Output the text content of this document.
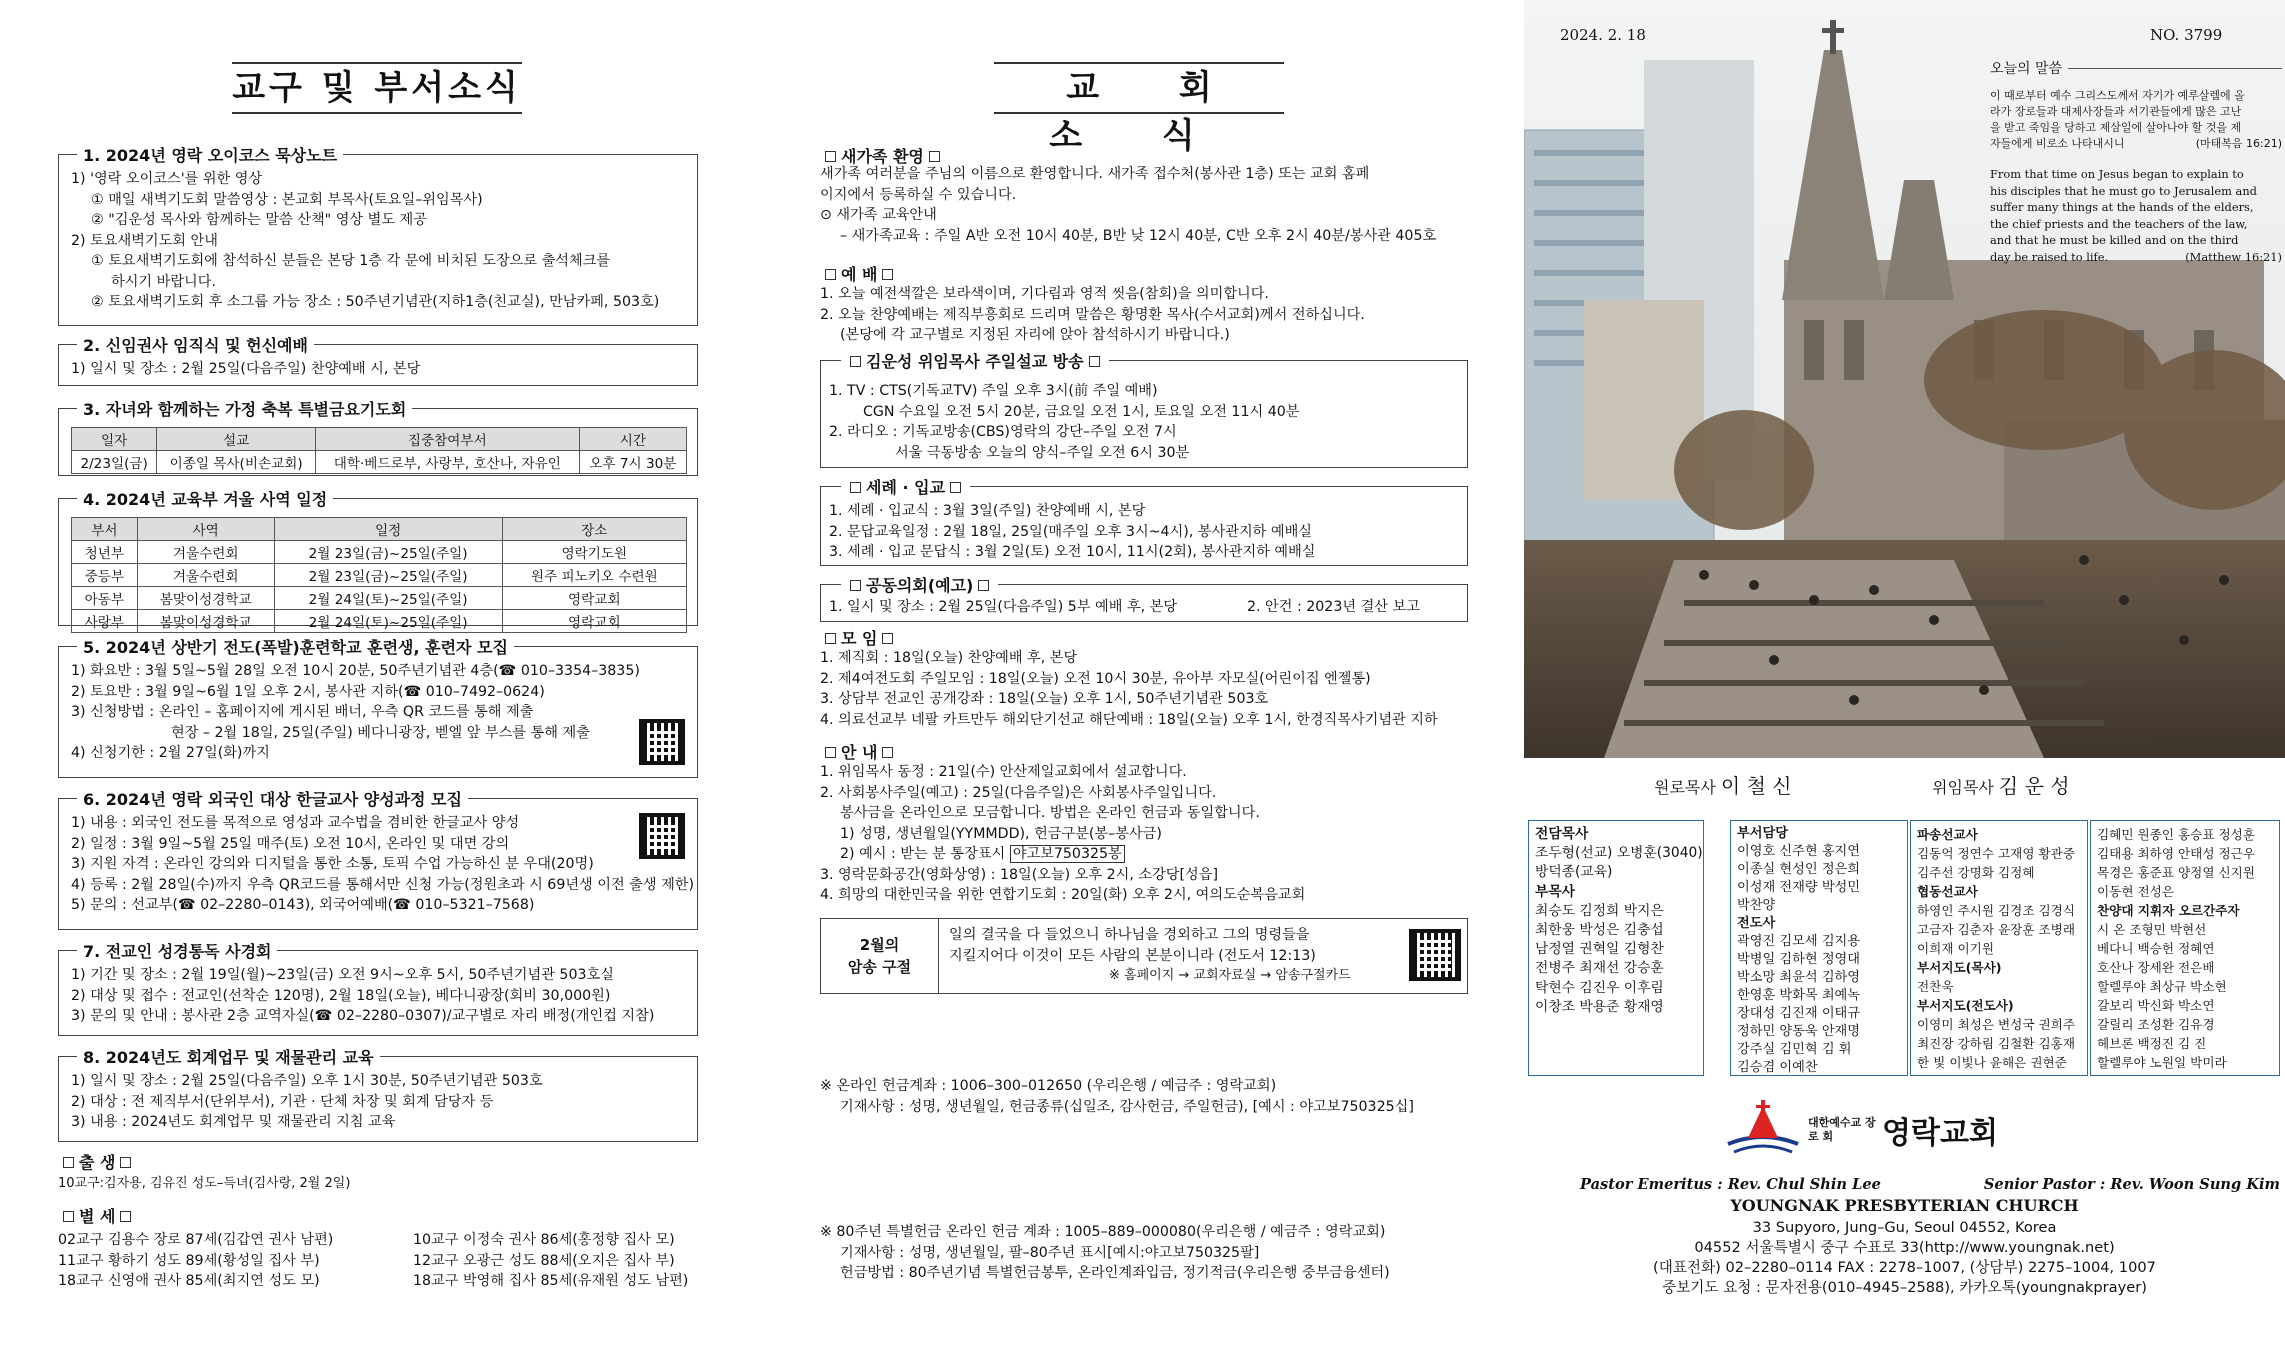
교구 및 부서소식
1. 2024년 영락 오이코스 묵상노트
1) '영락 오이코스'를 위한 영상
① 매일 새벽기도회 말씀영상 : 본교회 부목사(토요일–위임목사)
② "김운성 목사와 함께하는 말씀 산책" 영상 별도 제공
2) 토요새벽기도회 안내
① 토요새벽기도회에 참석하신 분들은 본당 1층 각 문에 비치된 도장으로 출석체크를
하시기 바랍니다.
② 토요새벽기도회 후 소그룹 가능 장소 : 50주년기념관(지하1층(친교실), 만남카페, 503호)
2. 신임권사 임직식 및 헌신예배
1) 일시 및 장소 : 2월 25일(다음주일) 찬양예배 시, 본당
3. 자녀와 함께하는 가정 축복 특별금요기도회
일자	설교	집중참여부서	시간
2/23일(금)	이종일 목사(비손교회)	대학·베드로부, 사랑부, 호산나, 자유인	오후 7시 30분
4. 2024년 교육부 겨울 사역 일정
부서	사역	일정	장소
청년부	겨울수련회	2월 23일(금)~25일(주일)	영락기도원
중등부	겨울수련회	2월 23일(금)~25일(주일)	원주 피노키오 수련원
아동부	봄맞이성경학교	2월 24일(토)~25일(주일)	영락교회
사랑부	봄맞이성경학교	2월 24일(토)~25일(주일)	영락교회
5. 2024년 상반기 전도(폭발)훈련학교 훈련생, 훈련자 모집
1) 화요반 : 3월 5일~5월 28일 오전 10시 20분, 50주년기념관 4층(☎ 010–3354–3835)
2) 토요반 : 3월 9일~6월 1일 오후 2시, 봉사관 지하(☎ 010–7492–0624)
3) 신청방법 : 온라인 – 홈페이지에 게시된 배너, 우측 QR 코드를 통해 제출
현장 – 2월 18일, 25일(주일) 베다니광장, 벧엘 앞 부스를 통해 제출
4) 신청기한 : 2월 27일(화)까지
6. 2024년 영락 외국인 대상 한글교사 양성과정 모집
1) 내용 : 외국인 전도를 목적으로 영성과 교수법을 겸비한 한글교사 양성
2) 일정 : 3월 9일~5월 25일 매주(토) 오전 10시, 온라인 및 대면 강의
3) 지원 자격 : 온라인 강의와 디지털을 통한 소통, 토픽 수업 가능하신 분 우대(20명)
4) 등록 : 2월 28일(수)까지 우측 QR코드를 통해서만 신청 가능(정원초과 시 69년생 이전 출생 제한)
5) 문의 : 선교부(☎ 02–2280–0143), 외국어예배(☎ 010–5321–7568)
7. 전교인 성경통독 사경회
1) 기간 및 장소 : 2월 19일(월)~23일(금) 오전 9시~오후 5시, 50주년기념관 503호실
2) 대상 및 접수 : 전교인(선착순 120명), 2월 18일(오늘), 베다니광장(회비 30,000원)
3) 문의 및 안내 : 봉사관 2층 교역자실(☎ 02–2280–0307)/교구별로 자리 배정(개인컵 지참)
8. 2024년도 회계업무 및 재물관리 교육
1) 일시 및 장소 : 2월 25일(다음주일) 오후 1시 30분, 50주년기념관 503호
2) 대상 : 전 제직부서(단위부서), 기관 · 단체 차장 및 회계 담당자 등
3) 내용 : 2024년도 회계업무 및 재물관리 지침 교육
출 생
10교구:김자용, 김유진 성도–득녀(김사랑, 2월 2일)
별 세
02교구 김용수 장로 87세(김갑연 권사 남편)	10교구 이정숙 권사 86세(홍정향 집사 모)
11교구 황하기 성도 89세(황성일 집사 부)	12교구 오광근 성도 88세(오지은 집사 부)
18교구 신영애 권사 85세(최지연 성도 모)	18교구 박영해 집사 85세(유재원 성도 남편)
교 회 소 식
새가족 환영
새가족 여러분을 주님의 이름으로 환영합니다. 새가족 접수처(봉사관 1층) 또는 교회 홈페
이지에서 등록하실 수 있습니다.
⊙ 새가족 교육안내
– 새가족교육 : 주일 A반 오전 10시 40분, B반 낮 12시 40분, C반 오후 2시 40분/봉사관 405호
예 배
1. 오늘 예전색깔은 보라색이며, 기다림과 영적 씻음(참회)을 의미합니다.
2. 오늘 찬양예배는 제직부흥회로 드리며 말씀은 황명환 목사(수서교회)께서 전하십니다.
(본당에 각 교구별로 지정된 자리에 앉아 참석하시기 바랍니다.)
김운성 위임목사 주일설교 방송
1. TV : CTS(기독교TV) 주일 오후 3시(前 주일 예배)
CGN 수요일 오전 5시 20분, 금요일 오전 1시, 토요일 오전 11시 40분
2. 라디오 : 기독교방송(CBS)영락의 강단–주일 오전 7시
서울 극동방송 오늘의 양식–주일 오전 6시 30분
세례 · 입교
1. 세례 · 입교식 : 3월 3일(주일) 찬양예배 시, 본당
2. 문답교육일정 : 2월 18일, 25일(매주일 오후 3시~4시), 봉사관지하 예배실
3. 세례 · 입교 문답식 : 3월 2일(토) 오전 10시, 11시(2회), 봉사관지하 예배실
공동의회(예고)
1. 일시 및 장소 : 2월 25일(다음주일) 5부 예배 후, 본당	2. 안건 : 2023년 결산 보고
모 임
1. 제직회 : 18일(오늘) 찬양예배 후, 본당
2. 제4여전도회 주일모임 : 18일(오늘) 오전 10시 30분, 유아부 자모실(어린이집 엔젤통)
3. 상담부 전교인 공개강좌 : 18일(오늘) 오후 1시, 50주년기념관 503호
4. 의료선교부 네팔 카트만두 해외단기선교 해단예배 : 18일(오늘) 오후 1시, 한경직목사기념관 지하
안 내
1. 위임목사 동정 : 21일(수) 안산제일교회에서 설교합니다.
2. 사회봉사주일(예고) : 25일(다음주일)은 사회봉사주일입니다.
봉사금을 온라인으로 모금합니다. 방법은 온라인 헌금과 동일합니다.
1) 성명, 생년월일(YYMMDD), 헌금구분(봉–봉사금)
2) 예시 : 받는 분 통장표시 야고보750325봉
3. 영락문화공간(영화상영) : 18일(오늘) 오후 2시, 소강당[성읍]
4. 희망의 대한민국을 위한 연합기도회 : 20일(화) 오후 2시, 여의도순복음교회
2월의
암송 구절
일의 결국을 다 들었으니 하나님을 경외하고 그의 명령들을
지킬지어다 이것이 모든 사람의 본분이니라 (전도서 12:13)
※ 홈페이지 → 교회자료실 → 암송구절카드
※ 온라인 헌금계좌 : 1006–300–012650 (우리은행 / 예금주 : 영락교회)
기재사항 : 성명, 생년월일, 헌금종류(십일조, 감사헌금, 주일헌금), [예시 : 야고보750325십]
※ 80주년 특별헌금 온라인 헌금 계좌 : 1005–889–000080(우리은행 / 예금주 : 영락교회)
기재사항 : 성명, 생년월일, 팔–80주년 표시[예시:야고보750325팔]
헌금방법 : 80주년기념 특별헌금봉투, 온라인계좌입금, 정기적금(우리은행 중부금융센터)
2024. 2. 18	NO. 3799
오늘의 말씀
이 때로부터 예수 그리스도께서 자기가 예루살렘에 올
라가 장로들과 대제사장들과 서기관들에게 많은 고난
을 받고 죽임을 당하고 제삼일에 살아나야 할 것을 제
자들에게 비로소 나타내시니	(마태복음 16:21)
From that time on Jesus began to explain to
his disciples that he must go to Jerusalem and
suffer many things at the hands of the elders,
the chief priests and the teachers of the law,
and that he must be killed and on the third
day be raised to life.	(Matthew 16:21)
원로목사 이 철 신	위임목사 김 운 성
전담목사
조두형(선교) 오병훈(3040)
방덕종(교육)
부목사
최승도 김정희 박지은
최한웅 박성은 김충섭
남정열 권혁일 김형찬
전병주 최재선 강승훈
탁현수 김진우 이후림
이창조 박용준 황재영
부서담당
이영호 신주현 홍지연
이종실 현성인 정은희
이성재 전재량 박성민
박찬양
전도사
곽영진 김모세 김지용
박병일 김하현 정영대
박소망 최윤석 김하영
한영훈 박화목 최예녹
장대성 김진재 이태규
정하민 양동욱 안재명
강주실 김민혁 김 휘
김승겸 이예찬
파송선교사
김동억 정연수 고재영 황관중
김주선 강명화 김정혜
협동선교사
하영인 주시원 김경조 김경식
고금자 김춘자 윤장훈 조병래
이희재 이기원
부서지도(목사)
전찬욱
부서지도(전도사)
이영미 최성은 변성국 권희주
최진장 강하림 김철환 김홍재
한 빛 이빛나 윤해은 권현준
김혜민 원종인 홍승표 정성훈
김태용 최하영 안태성 정근우
목경은 홍준표 양정열 신지원
이동현 전성은
찬양대 지휘자 오르간주자
시 온 조형민 박현선
베다니 백승헌 정혜연
호산나 장세완 전은배
할렐루야 최상규 박소현
갈보리 박신화 박소연
갈릴리 조성환 김유경
헤브론 백정진 김 진
할렐루야 노원일 박미라
대한예수교 장 로 회	영락교회
Pastor Emeritus : Rev. Chul Shin Lee	Senior Pastor : Rev. Woon Sung Kim
YOUNGNAK PRESBYTERIAN CHURCH
33 Supyoro, Jung–Gu, Seoul 04552, Korea
04552 서울특별시 중구 수표로 33(http://www.youngnak.net)
(대표전화) 02–2280–0114 FAX : 2278–1007, (상담부) 2275–1004, 1007
중보기도 요청 : 문자전용(010–4945–2588), 카카오톡(youngnakprayer)
